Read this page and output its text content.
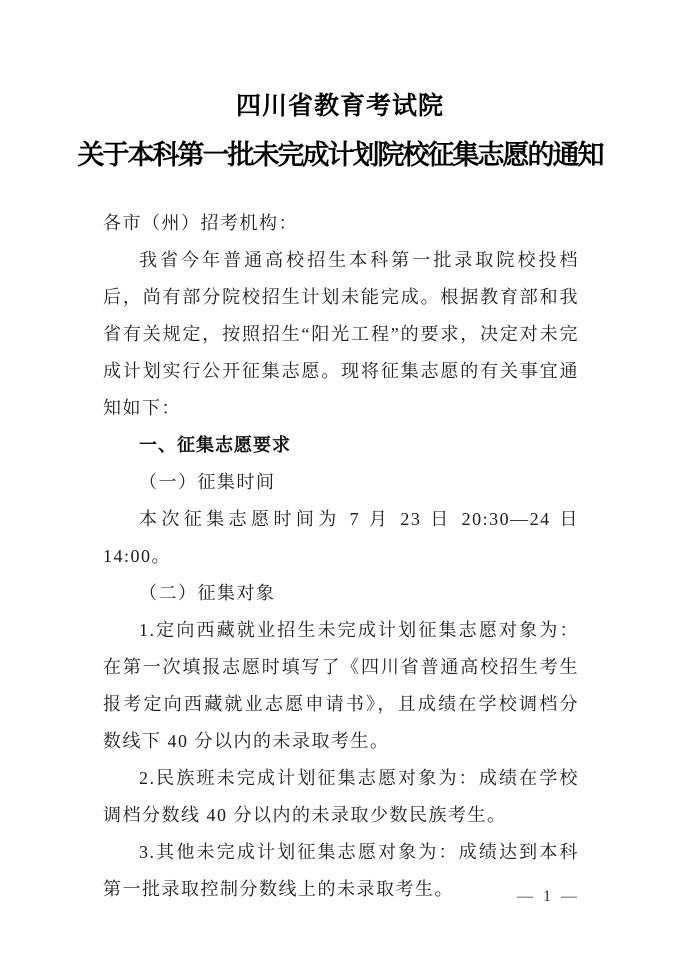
四川省教育考试院
关于本科第一批未完成计划院校征集志愿的通知

各市（州）招考机构：

我省今年普通高校招生本科第一批录取院校投档后，尚有部分院校招生计划未能完成。根据教育部和我省有关规定，按照招生“阳光工程”的要求，决定对未完成计划实行公开征集志愿。现将征集志愿的有关事宜通知如下：

一、征集志愿要求

（一）征集时间

本次征集志愿时间为 7 月 23 日 20:30—24 日 14:00。

（二）征集对象

1.定向西藏就业招生未完成计划征集志愿对象为：在第一次填报志愿时填写了《四川省普通高校招生考生报考定向西藏就业志愿申请书》，且成绩在学校调档分数线下 40 分以内的未录取考生。

2.民族班未完成计划征集志愿对象为：成绩在学校调档分数线 40 分以内的未录取少数民族考生。

3.其他未完成计划征集志愿对象为：成绩达到本科第一批录取控制分数线上的未录取考生。	— 1 —
